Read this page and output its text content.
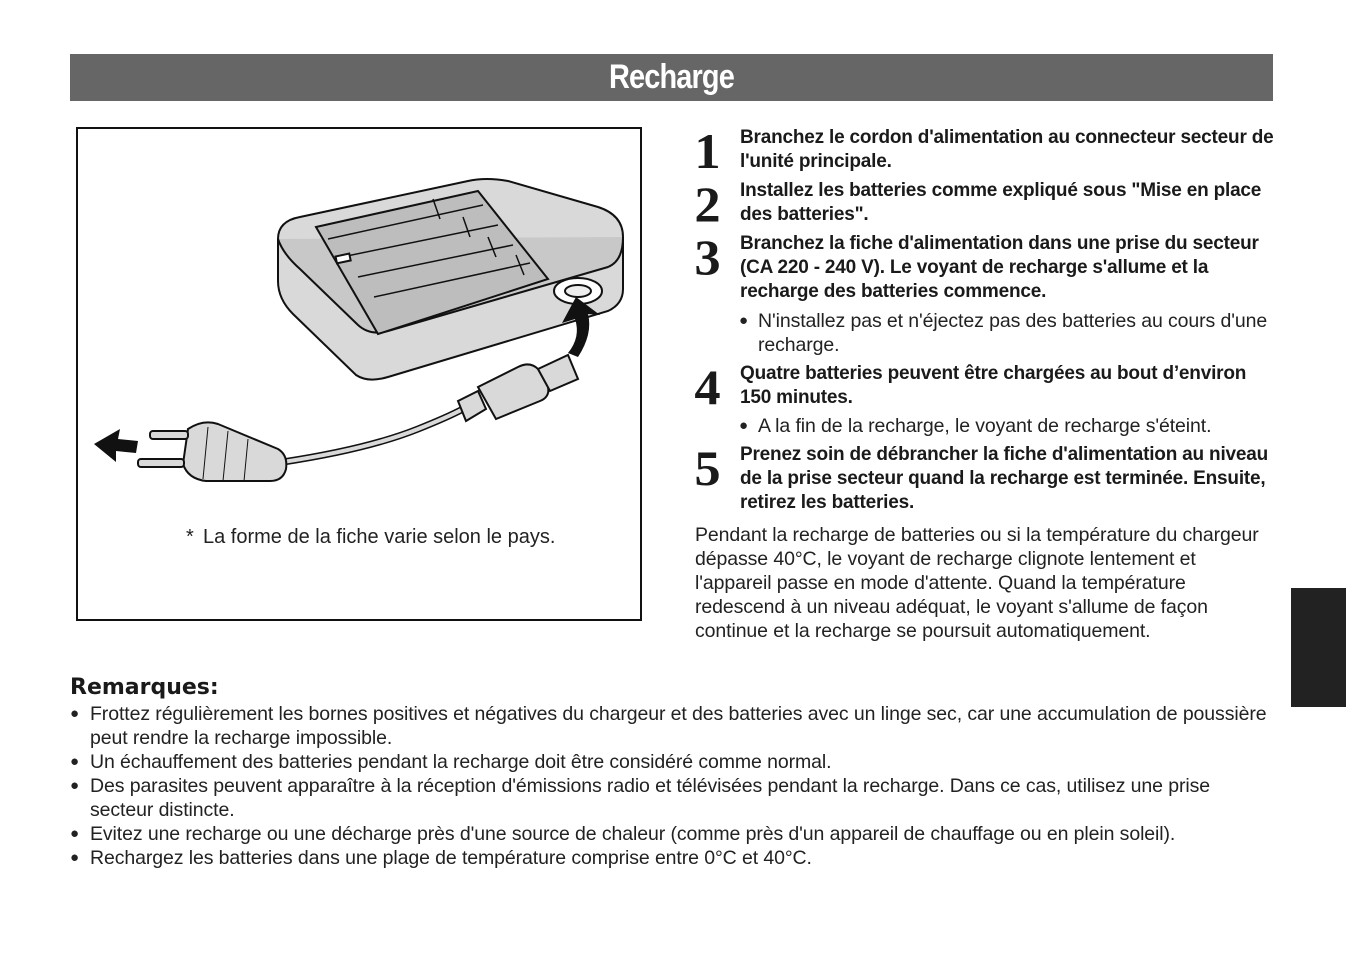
Recharge
* La forme de la fiche varie selon le pays.
1 Branchez le cordon d'alimentation au connecteur secteur de l'unité principale.
2 Installez les batteries comme expliqué sous "Mise en place des batteries".
3 Branchez la fiche d'alimentation dans une prise du secteur (CA 220 - 240 V). Le voyant de recharge s'allume et la recharge des batteries commence.
● N'installez pas et n'éjectez pas des batteries au cours d'une recharge.
4 Quatre batteries peuvent être chargées au bout d’environ 150 minutes.
● A la fin de la recharge, le voyant de recharge s'éteint.
5 Prenez soin de débrancher la fiche d'alimentation au niveau de la prise secteur quand la recharge est terminée. Ensuite, retirez les batteries.
Pendant la recharge de batteries ou si la température du chargeur dépasse 40°C, le voyant de recharge clignote lentement et l'appareil passe en mode d'attente. Quand la température redescend à un niveau adéquat, le voyant s'allume de façon continue et la recharge se poursuit automatiquement.
Remarques:
● Frottez régulièrement les bornes positives et négatives du chargeur et des batteries avec un linge sec, car une accumulation de poussière peut rendre la recharge impossible.
● Un échauffement des batteries pendant la recharge doit être considéré comme normal.
● Des parasites peuvent apparaître à la réception d'émissions radio et télévisées pendant la recharge. Dans ce cas, utilisez une prise secteur distincte.
● Evitez une recharge ou une décharge près d'une source de chaleur (comme près d'un appareil de chauffage ou en plein soleil).
● Rechargez les batteries dans une plage de température comprise entre 0°C et 40°C.
